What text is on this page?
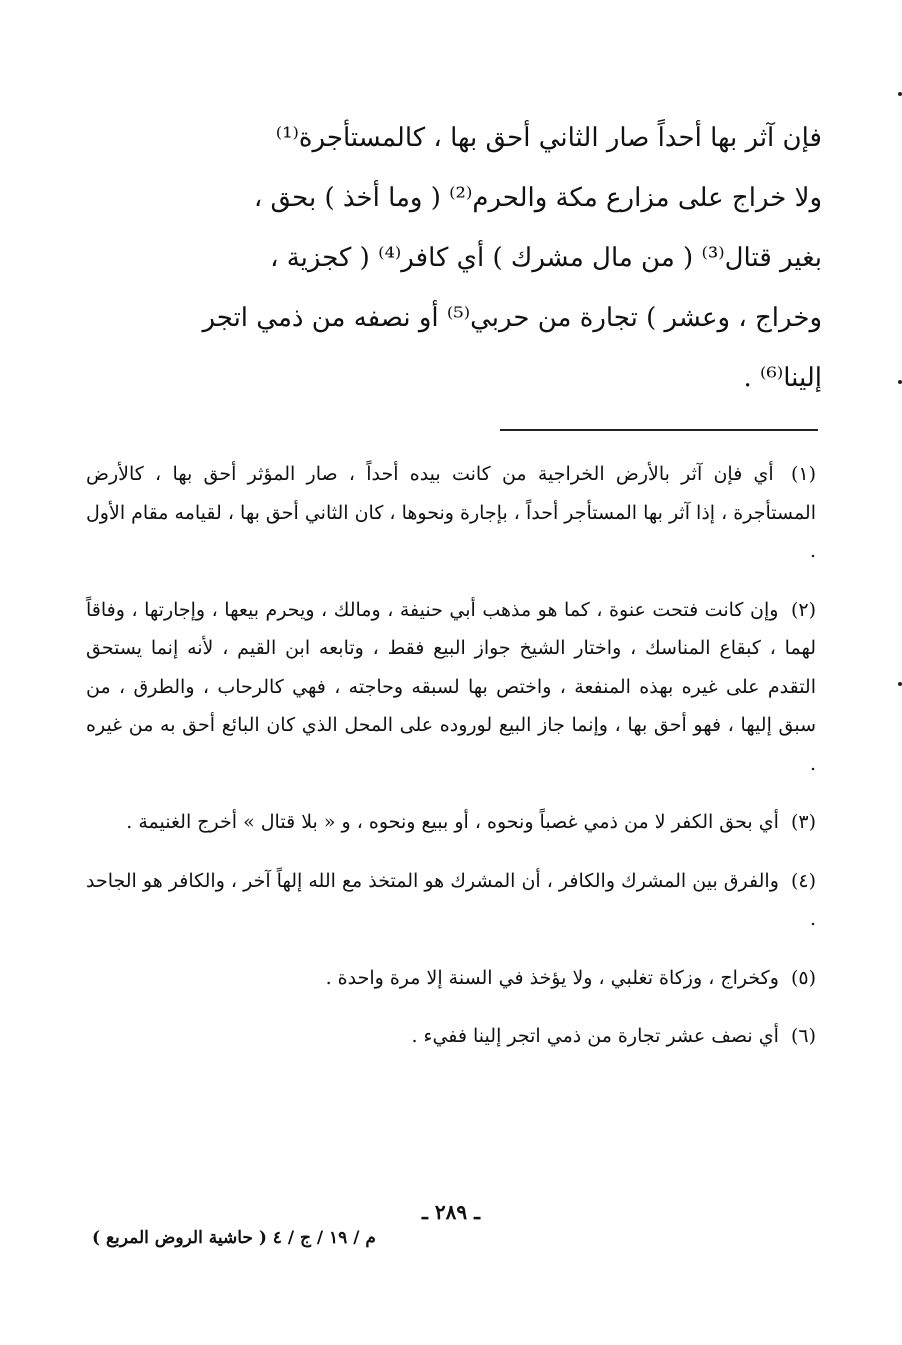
فإن آثر بها أحداً صار الثاني أحق بها ، كالمستأجرة⁽¹⁾

ولا خراج على مزارع مكة والحرم⁽²⁾ ( وما أخذ ) بحق ،

بغير قتال⁽³⁾ ( من مال مشرك ) أي كافر⁽⁴⁾ ( كجزية ،

وخراج ، وعشر ) تجارة من حربي⁽⁵⁾ أو نصفه من ذمي اتجر

إلينا⁽⁶⁾ .

(١) أي فإن آثر بالأرض الخراجية من كانت بيده أحداً ، صار المؤثر أحق بها ، كالأرض المستأجرة ، إذا آثر بها المستأجر أحداً ، بإجارة ونحوها ، كان الثاني أحق بها ، لقيامه مقام الأول .

(٢) وإن كانت فتحت عنوة ، كما هو مذهب أبي حنيفة ، ومالك ، ويحرم بيعها ، وإجارتها ، وفاقاً لهما ، كبقاع المناسك ، واختار الشيخ جواز البيع فقط ، وتابعه ابن القيم ، لأنه إنما يستحق التقدم على غيره بهذه المنفعة ، واختص بها لسبقه وحاجته ، فهي كالرحاب ، والطرق ، من سبق إليها ، فهو أحق بها ، وإنما جاز البيع لوروده على المحل الذي كان البائع أحق به من غيره .

(٣) أي بحق الكفر لا من ذمي غصباً ونحوه ، أو ببيع ونحوه ، و « بلا قتال » أخرج الغنيمة .

(٤) والفرق بين المشرك والكافر ، أن المشرك هو المتخذ مع الله إلهاً آخر ، والكافر هو الجاحد .

(٥) وكخراج ، وزكاة تغلبي ، ولا يؤخذ في السنة إلا مرة واحدة .

(٦) أي نصف عشر تجارة من ذمي اتجر إلينا ففيء .

ـ ٢٨٩ ـ
م / ١٩ / ج / ٤ ( حاشية الروض المربع )
